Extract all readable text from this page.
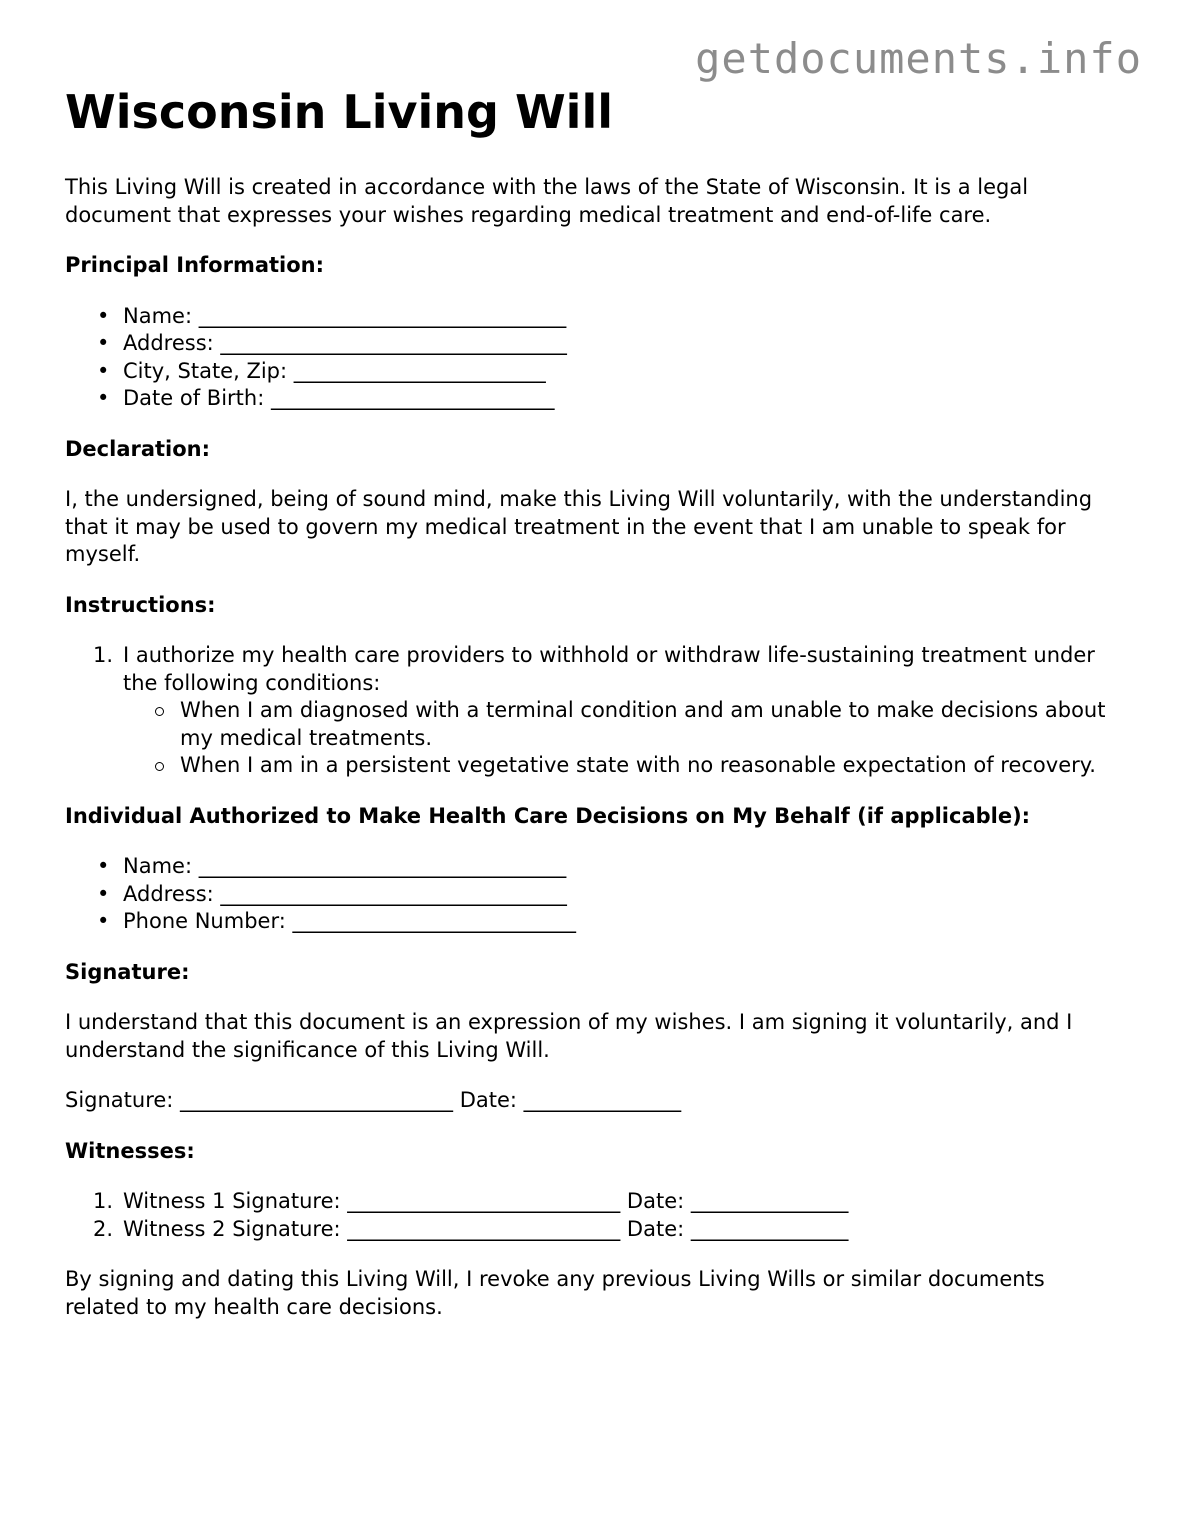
getdocuments.info
Wisconsin Living Will

This Living Will is created in accordance with the laws of the State of Wisconsin. It is a legal document that expresses your wishes regarding medical treatment and end-of-life care.

Principal Information:
• Name: ___________________________________
• Address: _________________________________
• City, State, Zip: ________________________
• Date of Birth: ___________________________
Declaration:

I, the undersigned, being of sound mind, make this Living Will voluntarily, with the understanding that it may be used to govern my medical treatment in the event that I am unable to speak for myself.

Instructions:
1. I authorize my health care providers to withhold or withdraw life-sustaining treatment under the following conditions:
When I am diagnosed with a terminal condition and am unable to make decisions about my medical treatments.
When I am in a persistent vegetative state with no reasonable expectation of recovery.
Individual Authorized to Make Health Care Decisions on My Behalf (if applicable):
• Name: ___________________________________
• Address: _________________________________
• Phone Number: ___________________________
Signature:

I understand that this document is an expression of my wishes. I am signing it voluntarily, and I understand the significance of this Living Will.

Signature: __________________________ Date: _______________

Witnesses:
1. Witness 1 Signature: __________________________ Date: _______________
2. Witness 2 Signature: __________________________ Date: _______________

By signing and dating this Living Will, I revoke any previous Living Wills or similar documents related to my health care decisions.
